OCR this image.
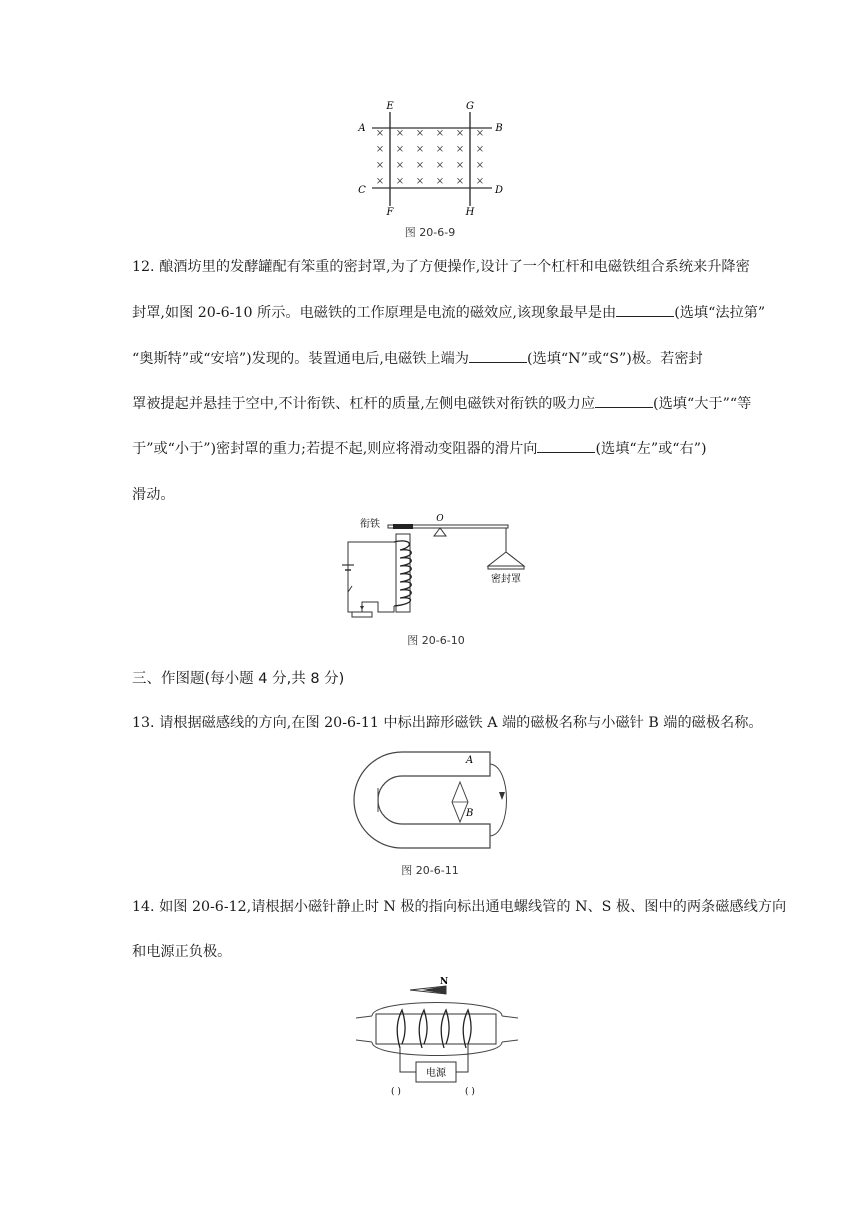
× × × × × ×
× × × × × ×
× × × × × ×
× × × × × ×
E	G
A	B
C	D
F	H
图 20-6-9
12. 酿酒坊里的发酵罐配有笨重的密封罩,为了方便操作,设计了一个杠杆和电磁铁组合系统来升降密
封罩,如图 20-6-10 所示。电磁铁的工作原理是电流的磁效应,该现象最早是由	(选填“法拉第”
“奥斯特”或“安培”)发现的。装置通电后,电磁铁上端为	(选填“N”或“S”)极。若密封
罩被提起并悬挂于空中,不计衔铁、杠杆的质量,左侧电磁铁对衔铁的吸力应	(选填“大于”“等
于”或“小于”)密封罩的重力;若提不起,则应将滑动变阻器的滑片向	(选填“左”或“右”)
滑动。
衔铁	O
密封罩
图 20-6-10
三、作图题(每小题 4 分,共 8 分)
13. 请根据磁感线的方向,在图 20-6-11 中标出蹄形磁铁 A 端的磁极名称与小磁针 B 端的磁极名称。
A
B
图 20-6-11
14. 如图 20-6-12,请根据小磁针静止时 N 极的指向标出通电螺线管的 N、S 极、图中的两条磁感线方向
和电源正负极。
N
电源
( )	( )
